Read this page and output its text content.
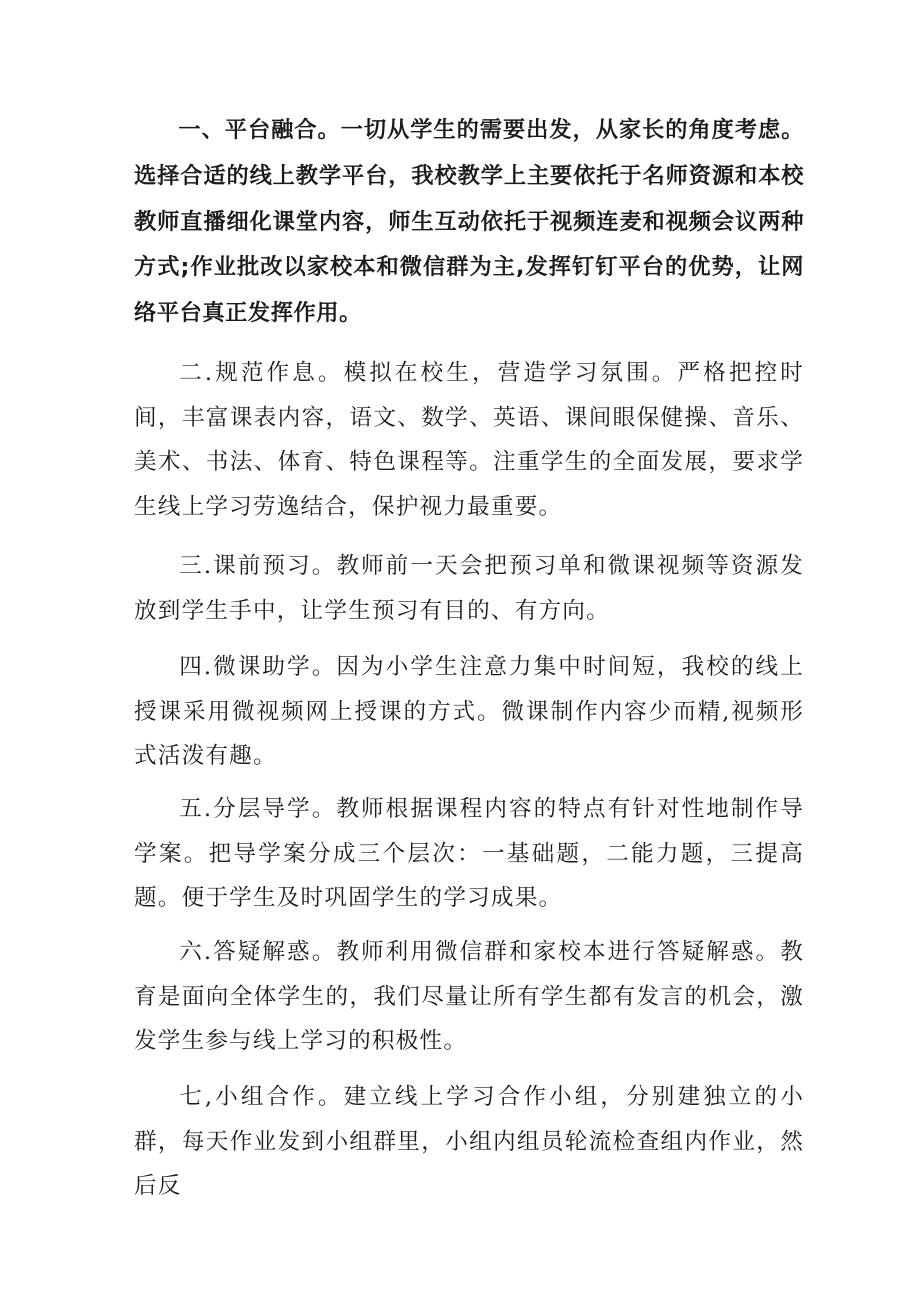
一、平台融合。一切从学生的需要出发，从家长的角度考虑。选择合适的线上教学平台，我校教学上主要依托于名师资源和本校教师直播细化课堂内容，师生互动依托于视频连麦和视频会议两种方式;作业批改以家校本和微信群为主,发挥钉钉平台的优势，让网络平台真正发挥作用。

二.规范作息。模拟在校生，营造学习氛围。严格把控时间，丰富课表内容，语文、数学、英语、课间眼保健操、音乐、美术、书法、体育、特色课程等。注重学生的全面发展，要求学生线上学习劳逸结合，保护视力最重要。

三.课前预习。教师前一天会把预习单和微课视频等资源发放到学生手中，让学生预习有目的、有方向。

四.微课助学。因为小学生注意力集中时间短，我校的线上授课采用微视频网上授课的方式。微课制作内容少而精,视频形式活泼有趣。

五.分层导学。教师根据课程内容的特点有针对性地制作导学案。把导学案分成三个层次：一基础题，二能力题，三提高题。便于学生及时巩固学生的学习成果。

六.答疑解惑。教师利用微信群和家校本进行答疑解惑。教育是面向全体学生的，我们尽量让所有学生都有发言的机会，激发学生参与线上学习的积极性。

七,小组合作。建立线上学习合作小组，分别建独立的小群，每天作业发到小组群里，小组内组员轮流检查组内作业，然后反
